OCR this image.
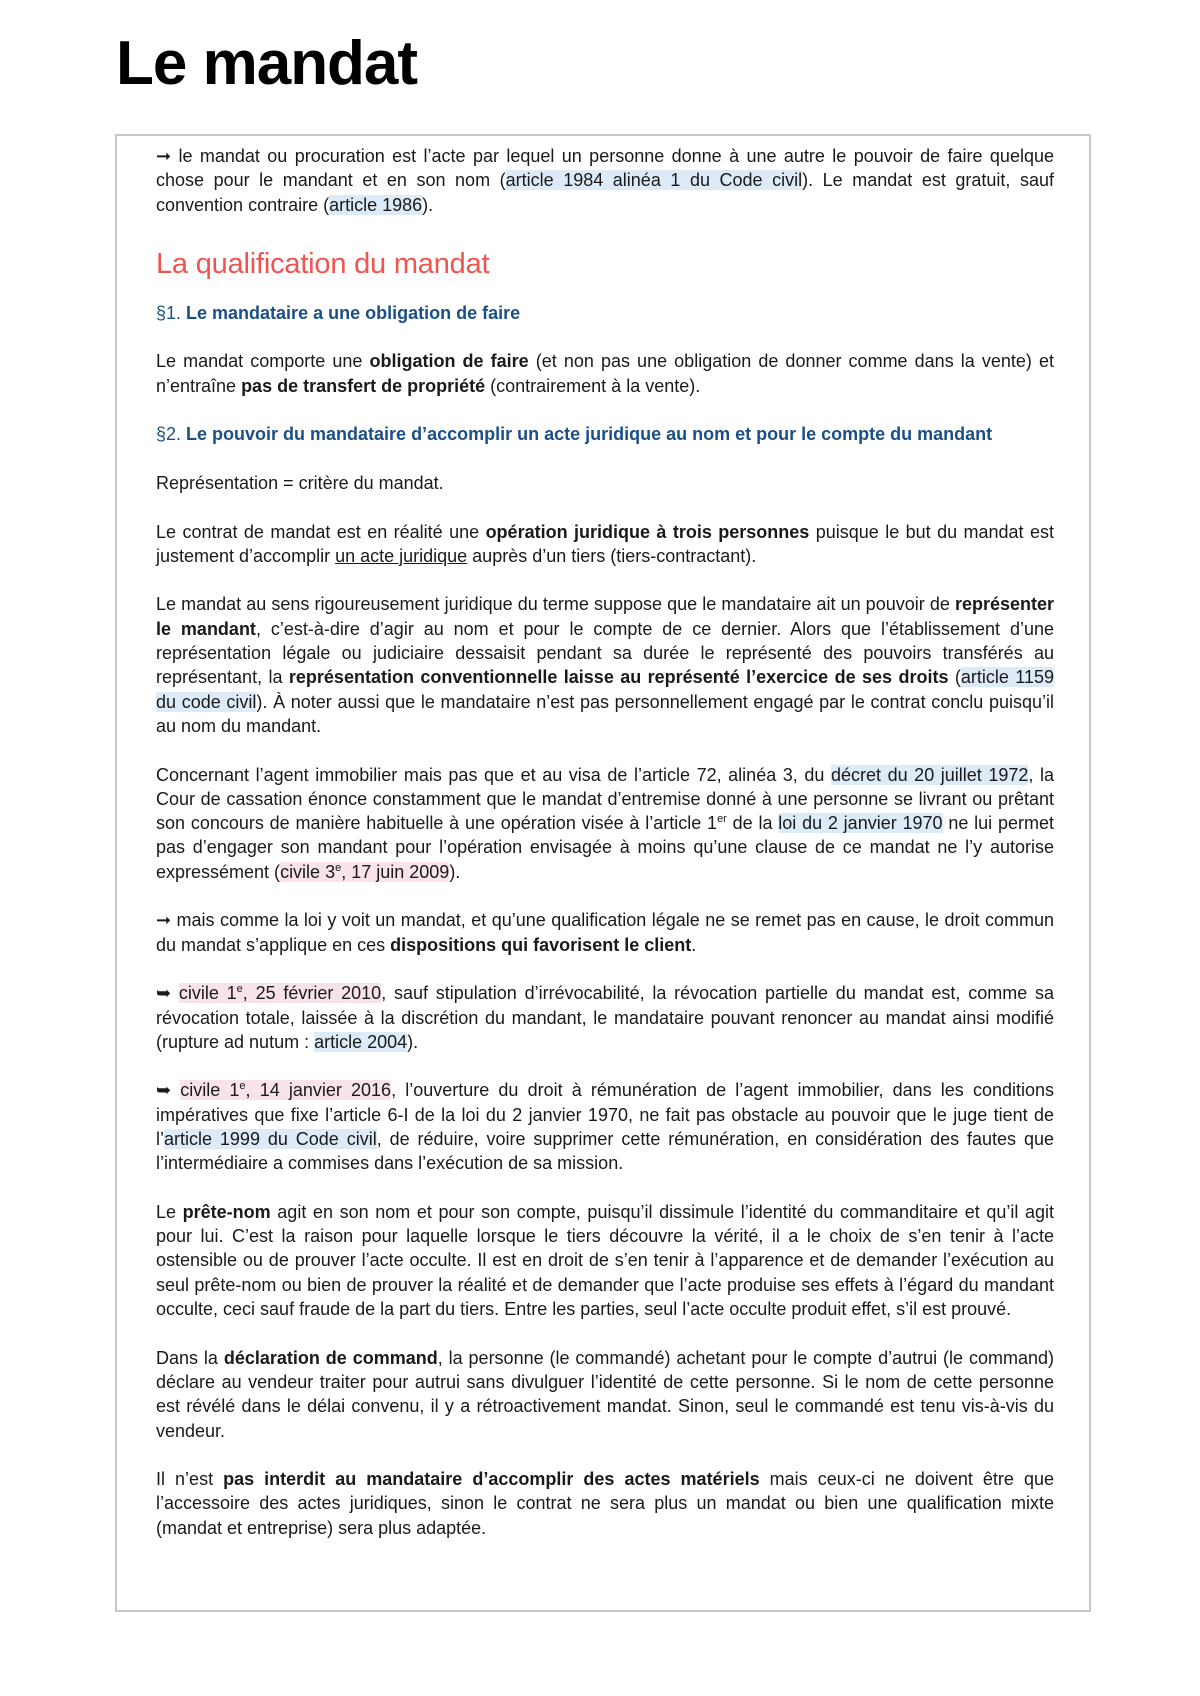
Le mandat

➞ le mandat ou procuration est l’acte par lequel un personne donne à une autre le pouvoir de faire quelque chose pour le mandant et en son nom (article 1984 alinéa 1 du Code civil). Le mandat est gratuit, sauf convention contraire (article 1986).

La qualification du mandat
§1. Le mandataire a une obligation de faire

Le mandat comporte une obligation de faire (et non pas une obligation de donner comme dans la vente) et n’entraîne pas de transfert de propriété (contrairement à la vente).

§2. Le pouvoir du mandataire d’accomplir un acte juridique au nom et pour le compte du mandant

Représentation = critère du mandat.

Le contrat de mandat est en réalité une opération juridique à trois personnes puisque le but du mandat est justement d’accomplir un acte juridique auprès d’un tiers (tiers-contractant).

Le mandat au sens rigoureusement juridique du terme suppose que le mandataire ait un pouvoir de représenter le mandant, c’est-à-dire d’agir au nom et pour le compte de ce dernier. Alors que l’établissement d’une représentation légale ou judiciaire dessaisit pendant sa durée le représenté des pouvoirs transférés au représentant, la représentation conventionnelle laisse au représenté l’exercice de ses droits (article 1159 du code civil). À noter aussi que le mandataire n’est pas personnellement engagé par le contrat conclu puisqu’il au nom du mandant.

Concernant l’agent immobilier mais pas que et au visa de l’article 72, alinéa 3, du décret du 20 juillet 1972, la Cour de cassation énonce constamment que le mandat d’entremise donné à une personne se livrant ou prêtant son concours de manière habituelle à une opération visée à l’article 1er de la loi du 2 janvier 1970 ne lui permet pas d’engager son mandant pour l’opération envisagée à moins qu’une clause de ce mandat ne l’y autorise expressément (civile 3e, 17 juin 2009).

➞ mais comme la loi y voit un mandat, et qu’une qualification légale ne se remet pas en cause, le droit commun du mandat s’applique en ces dispositions qui favorisent le client.

➥ civile 1e, 25 février 2010, sauf stipulation d’irrévocabilité, la révocation partielle du mandat est, comme sa révocation totale, laissée à la discrétion du mandant, le mandataire pouvant renoncer au mandat ainsi modifié (rupture ad nutum : article 2004).

➥ civile 1e, 14 janvier 2016, l’ouverture du droit à rémunération de l’agent immobilier, dans les conditions impératives que fixe l’article 6-I de la loi du 2 janvier 1970, ne fait pas obstacle au pouvoir que le juge tient de l’article 1999 du Code civil, de réduire, voire supprimer cette rémunération, en considération des fautes que l’intermédiaire a commises dans l’exécution de sa mission.

Le prête-nom agit en son nom et pour son compte, puisqu’il dissimule l’identité du commanditaire et qu’il agit pour lui. C’est la raison pour laquelle lorsque le tiers découvre la vérité, il a le choix de s’en tenir à l’acte ostensible ou de prouver l’acte occulte. Il est en droit de s’en tenir à l’apparence et de demander l’exécution au seul prête-nom ou bien de prouver la réalité et de demander que l’acte produise ses effets à l’égard du mandant occulte, ceci sauf fraude de la part du tiers. Entre les parties, seul l’acte occulte produit effet, s’il est prouvé.

Dans la déclaration de command, la personne (le commandé) achetant pour le compte d’autrui (le command) déclare au vendeur traiter pour autrui sans divulguer l’identité de cette personne. Si le nom de cette personne est révélé dans le délai convenu, il y a rétroactivement mandat. Sinon, seul le commandé est tenu vis-à-vis du vendeur.

Il n’est pas interdit au mandataire d’accomplir des actes matériels mais ceux-ci ne doivent être que l’accessoire des actes juridiques, sinon le contrat ne sera plus un mandat ou bien une qualification mixte (mandat et entreprise) sera plus adaptée.
